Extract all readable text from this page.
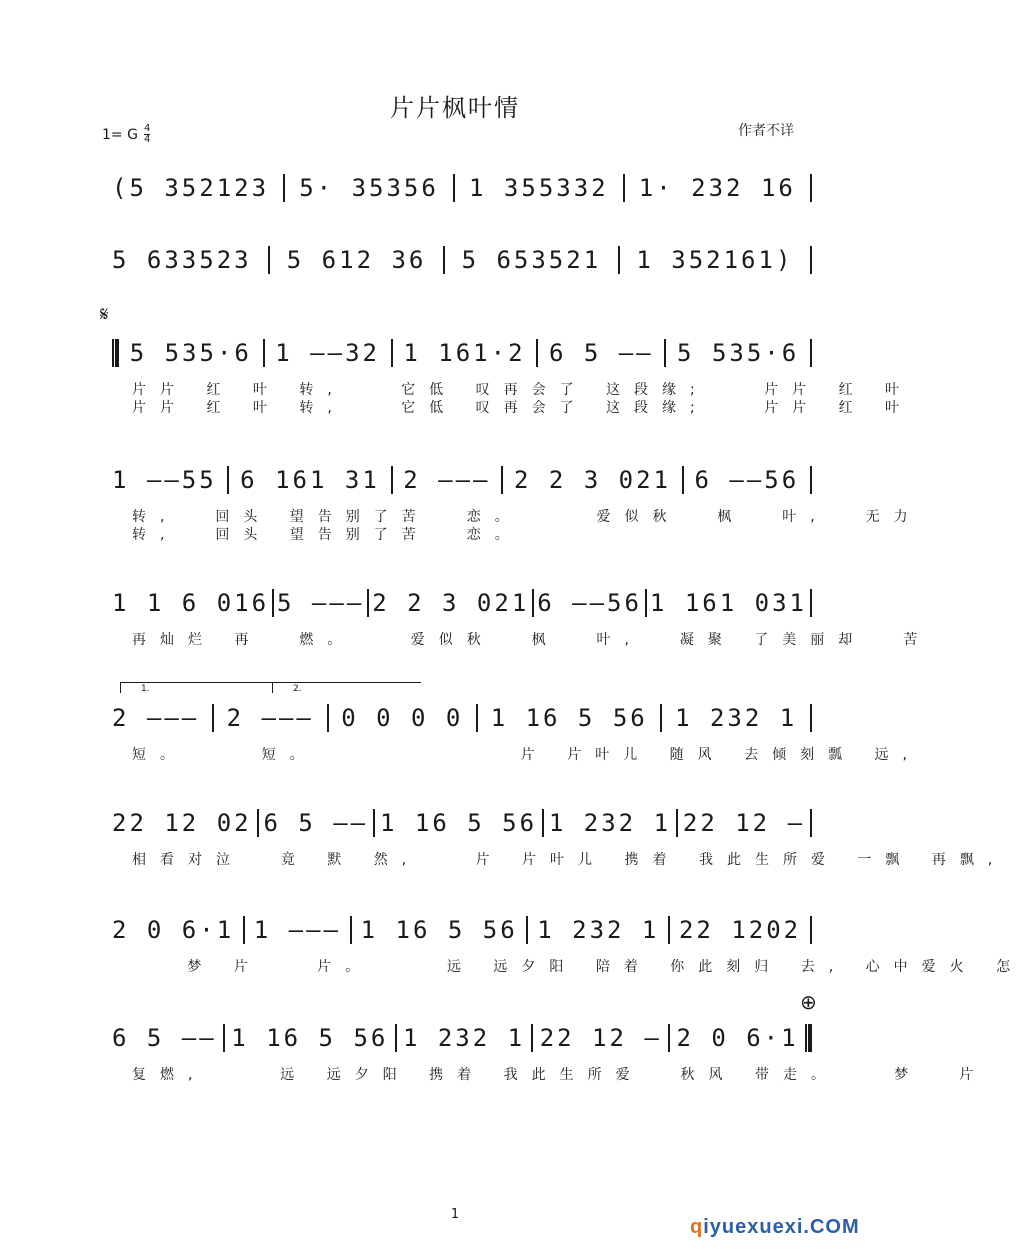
片片枫叶情
作者不详
1= G $\frac{4}{4}$
𝄋
⊕
(5 352123 5· 35356 1 355332 1· 232 16
5 633523 5 612 36 5 653521 1 352161)
5 535·6 1 ——32 1 161·2 6 5 —— 5 535·6
片片 红 叶 转,   它低 叹再会了 这段缘;   片片 红 叶
片片 红 叶 转,   它低 叹再会了 这段缘;   片片 红 叶
1 ——55 6 161 31 2 ——— 2 2 3 021 6 ——56
转,  回头 望告别了苦  恋。    爱似秋  枫  叶,  无力
转,  回头 望告别了苦  恋。
1 1 6 016 5 ——— 2 2 3 021 6 ——56 1 161 031
再灿烂 再  燃。   爱似秋  枫  叶,  凝聚 了美丽却  苦
2 ——— 2 ——— 0 0 0 0 1 16 5 56 1 232 1
短。    短。           片 片叶儿 随风 去倾刻瓢 远,
22 12 02 6 5 —— 1 16 5 56 1 232 1 22 12 —
相看对泣  竟 默 然,   片 片叶儿 携着 我此生所爱 一飘 再飘,
2 0 6·1 1 ——— 1 16 5 56 1 232 1 22 1202
梦 片   片。    远 远夕阳 陪着 你此刻归 去, 心中爱火 怎
6 5 —— 1 16 5 56 1 232 1 22 12 — 2 0 6·1
复燃,    远 远夕阳 携着 我此生所爱  秋风 带走。   梦  片
1.	2.
1
qiyuexuexi.COM
